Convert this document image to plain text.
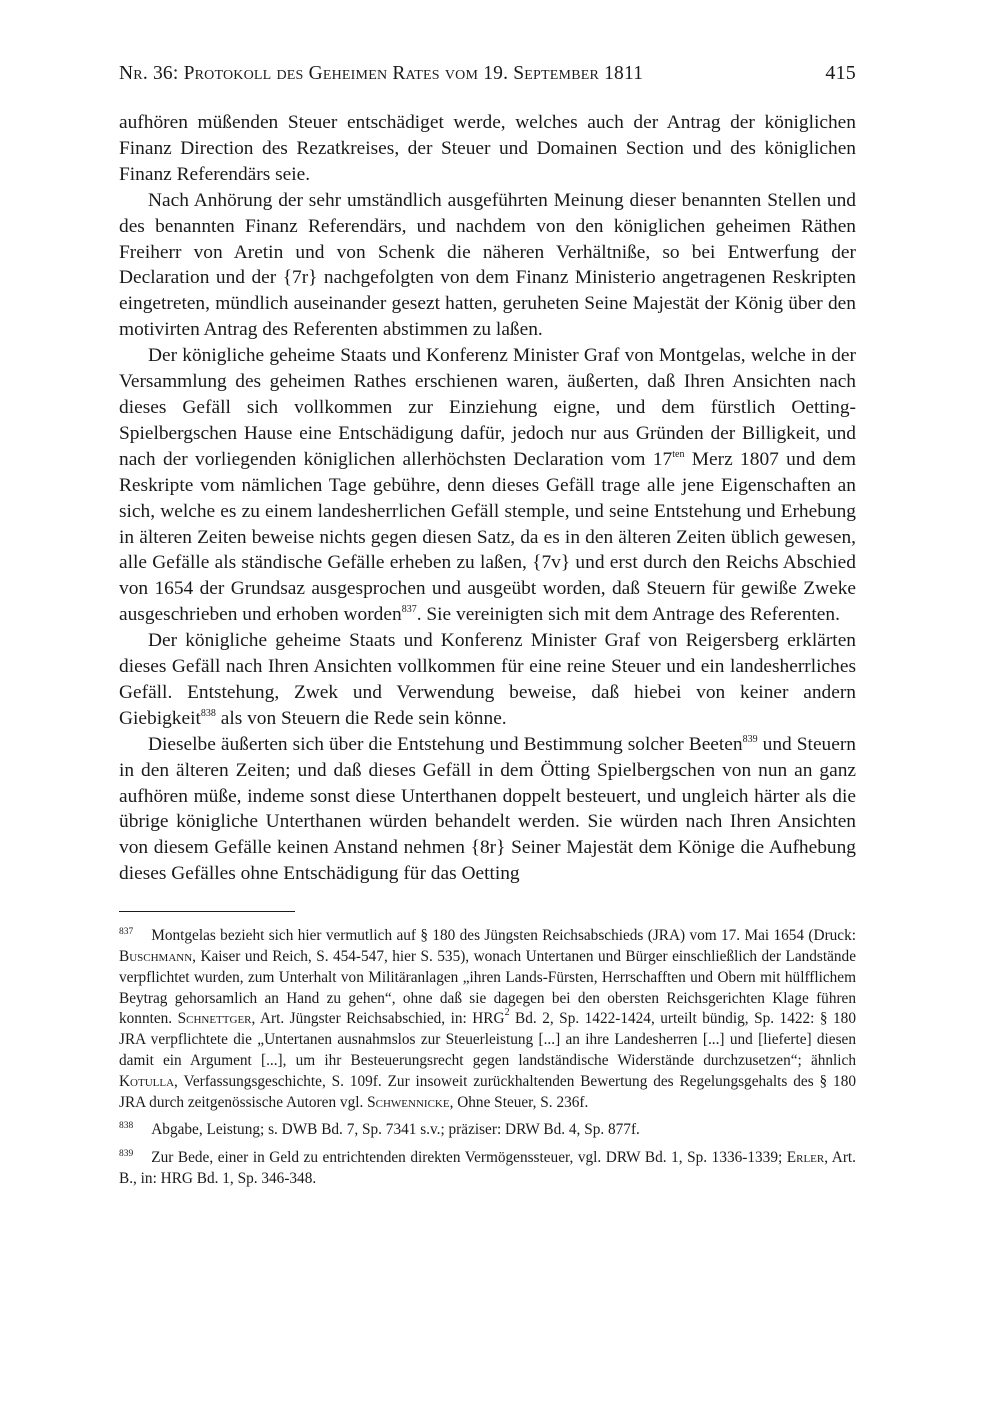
Nr. 36: Protokoll des Geheimen Rates vom 19. September 1811	415

aufhören müßenden Steuer entschädiget werde, welches auch der Antrag der königlichen Finanz Direction des Rezatkreises, der Steuer und Domainen Section und des königlichen Finanz Referendärs seie.

Nach Anhörung der sehr umständlich ausgeführten Meinung dieser benannten Stellen und des benannten Finanz Referendärs, und nachdem von den königlichen geheimen Räthen Freiherr von Aretin und von Schenk die näheren Verhältniße, so bei Entwerfung der Declaration und der {7r} nachgefolgten von dem Finanz Ministerio angetragenen Reskripten eingetreten, mündlich auseinander gesezt hatten, geruheten Seine Majestät der König über den motivirten Antrag des Referenten abstimmen zu laßen.

Der königliche geheime Staats und Konferenz Minister Graf von Montgelas, welche in der Versammlung des geheimen Rathes erschienen waren, äußerten, daß Ihren Ansichten nach dieses Gefäll sich vollkommen zur Einziehung eigne, und dem fürstlich Oetting-Spielbergschen Hause eine Entschädigung dafür, jedoch nur aus Gründen der Billigkeit, und nach der vorliegenden königlichen allerhöchsten Declaration vom $17^{ten}$ Merz 1807 und dem Reskripte vom nämlichen Tage gebühre, denn dieses Gefäll trage alle jene Eigenschaften an sich, welche es zu einem landesherrlichen Gefäll stemple, und seine Entstehung und Erhebung in älteren Zeiten beweise nichts gegen diesen Satz, da es in den älteren Zeiten üblich gewesen, alle Gefälle als ständische Gefälle erheben zu laßen, {7v} und erst durch den Reichs Abschied von 1654 der Grundsaz ausgesprochen und ausgeübt worden, daß Steuern für gewiße Zweke ausgeschrieben und erhoben worden$^{837}$. Sie vereinigten sich mit dem Antrage des Referenten.

Der königliche geheime Staats und Konferenz Minister Graf von Reigersberg erklärten dieses Gefäll nach Ihren Ansichten vollkommen für eine reine Steuer und ein landesherrliches Gefäll. Entstehung, Zwek und Verwendung beweise, daß hiebei von keiner andern Giebigkeit$^{838}$ als von Steuern die Rede sein könne.

Dieselbe äußerten sich über die Entstehung und Bestimmung solcher Beeten$^{839}$ und Steuern in den älteren Zeiten; und daß dieses Gefäll in dem Ötting Spielbergschen von nun an ganz aufhören müße, indeme sonst diese Unterthanen doppelt besteuert, und ungleich härter als die übrige königliche Unterthanen würden behandelt werden. Sie würden nach Ihren Ansichten von diesem Gefälle keinen Anstand nehmen {8r} Seiner Majestät dem Könige die Aufhebung dieses Gefälles ohne Entschädigung für das Oetting

$^{837}$ Montgelas bezieht sich hier vermutlich auf § 180 des Jüngsten Reichsabschieds (JRA) vom 17. Mai 1654 (Druck: Buschmann, Kaiser und Reich, S. 454-547, hier S. 535), wonach Untertanen und Bürger einschließlich der Landstände verpflichtet wurden, zum Unterhalt von Militäranlagen „ihren Lands-Fürsten, Herrschafften und Obern mit hülfflichem Beytrag gehorsamlich an Hand zu gehen“, ohne daß sie dagegen bei den obersten Reichsgerichten Klage führen konnten. Schnettger, Art. Jüngster Reichsabschied, in: HRG$^2$ Bd. 2, Sp. 1422-1424, urteilt bündig, Sp. 1422: § 180 JRA verpflichtete die „Untertanen ausnahmslos zur Steuerleistung [...] an ihre Landesherren [...] und [lieferte] diesen damit ein Argument [...], um ihr Besteuerungsrecht gegen landständische Widerstände durchzusetzen“; ähnlich Kotulla, Verfassungsgeschichte, S. 109f. Zur insoweit zurückhaltenden Bewertung des Regelungsgehalts des § 180 JRA durch zeitgenössische Autoren vgl. Schwennicke, Ohne Steuer, S. 236f.

$^{838}$ Abgabe, Leistung; s. DWB Bd. 7, Sp. 7341 s.v.; präziser: DRW Bd. 4, Sp. 877f.

$^{839}$ Zur Bede, einer in Geld zu entrichtenden direkten Vermögenssteuer, vgl. DRW Bd. 1, Sp. 1336-1339; Erler, Art. B., in: HRG Bd. 1, Sp. 346-348.
